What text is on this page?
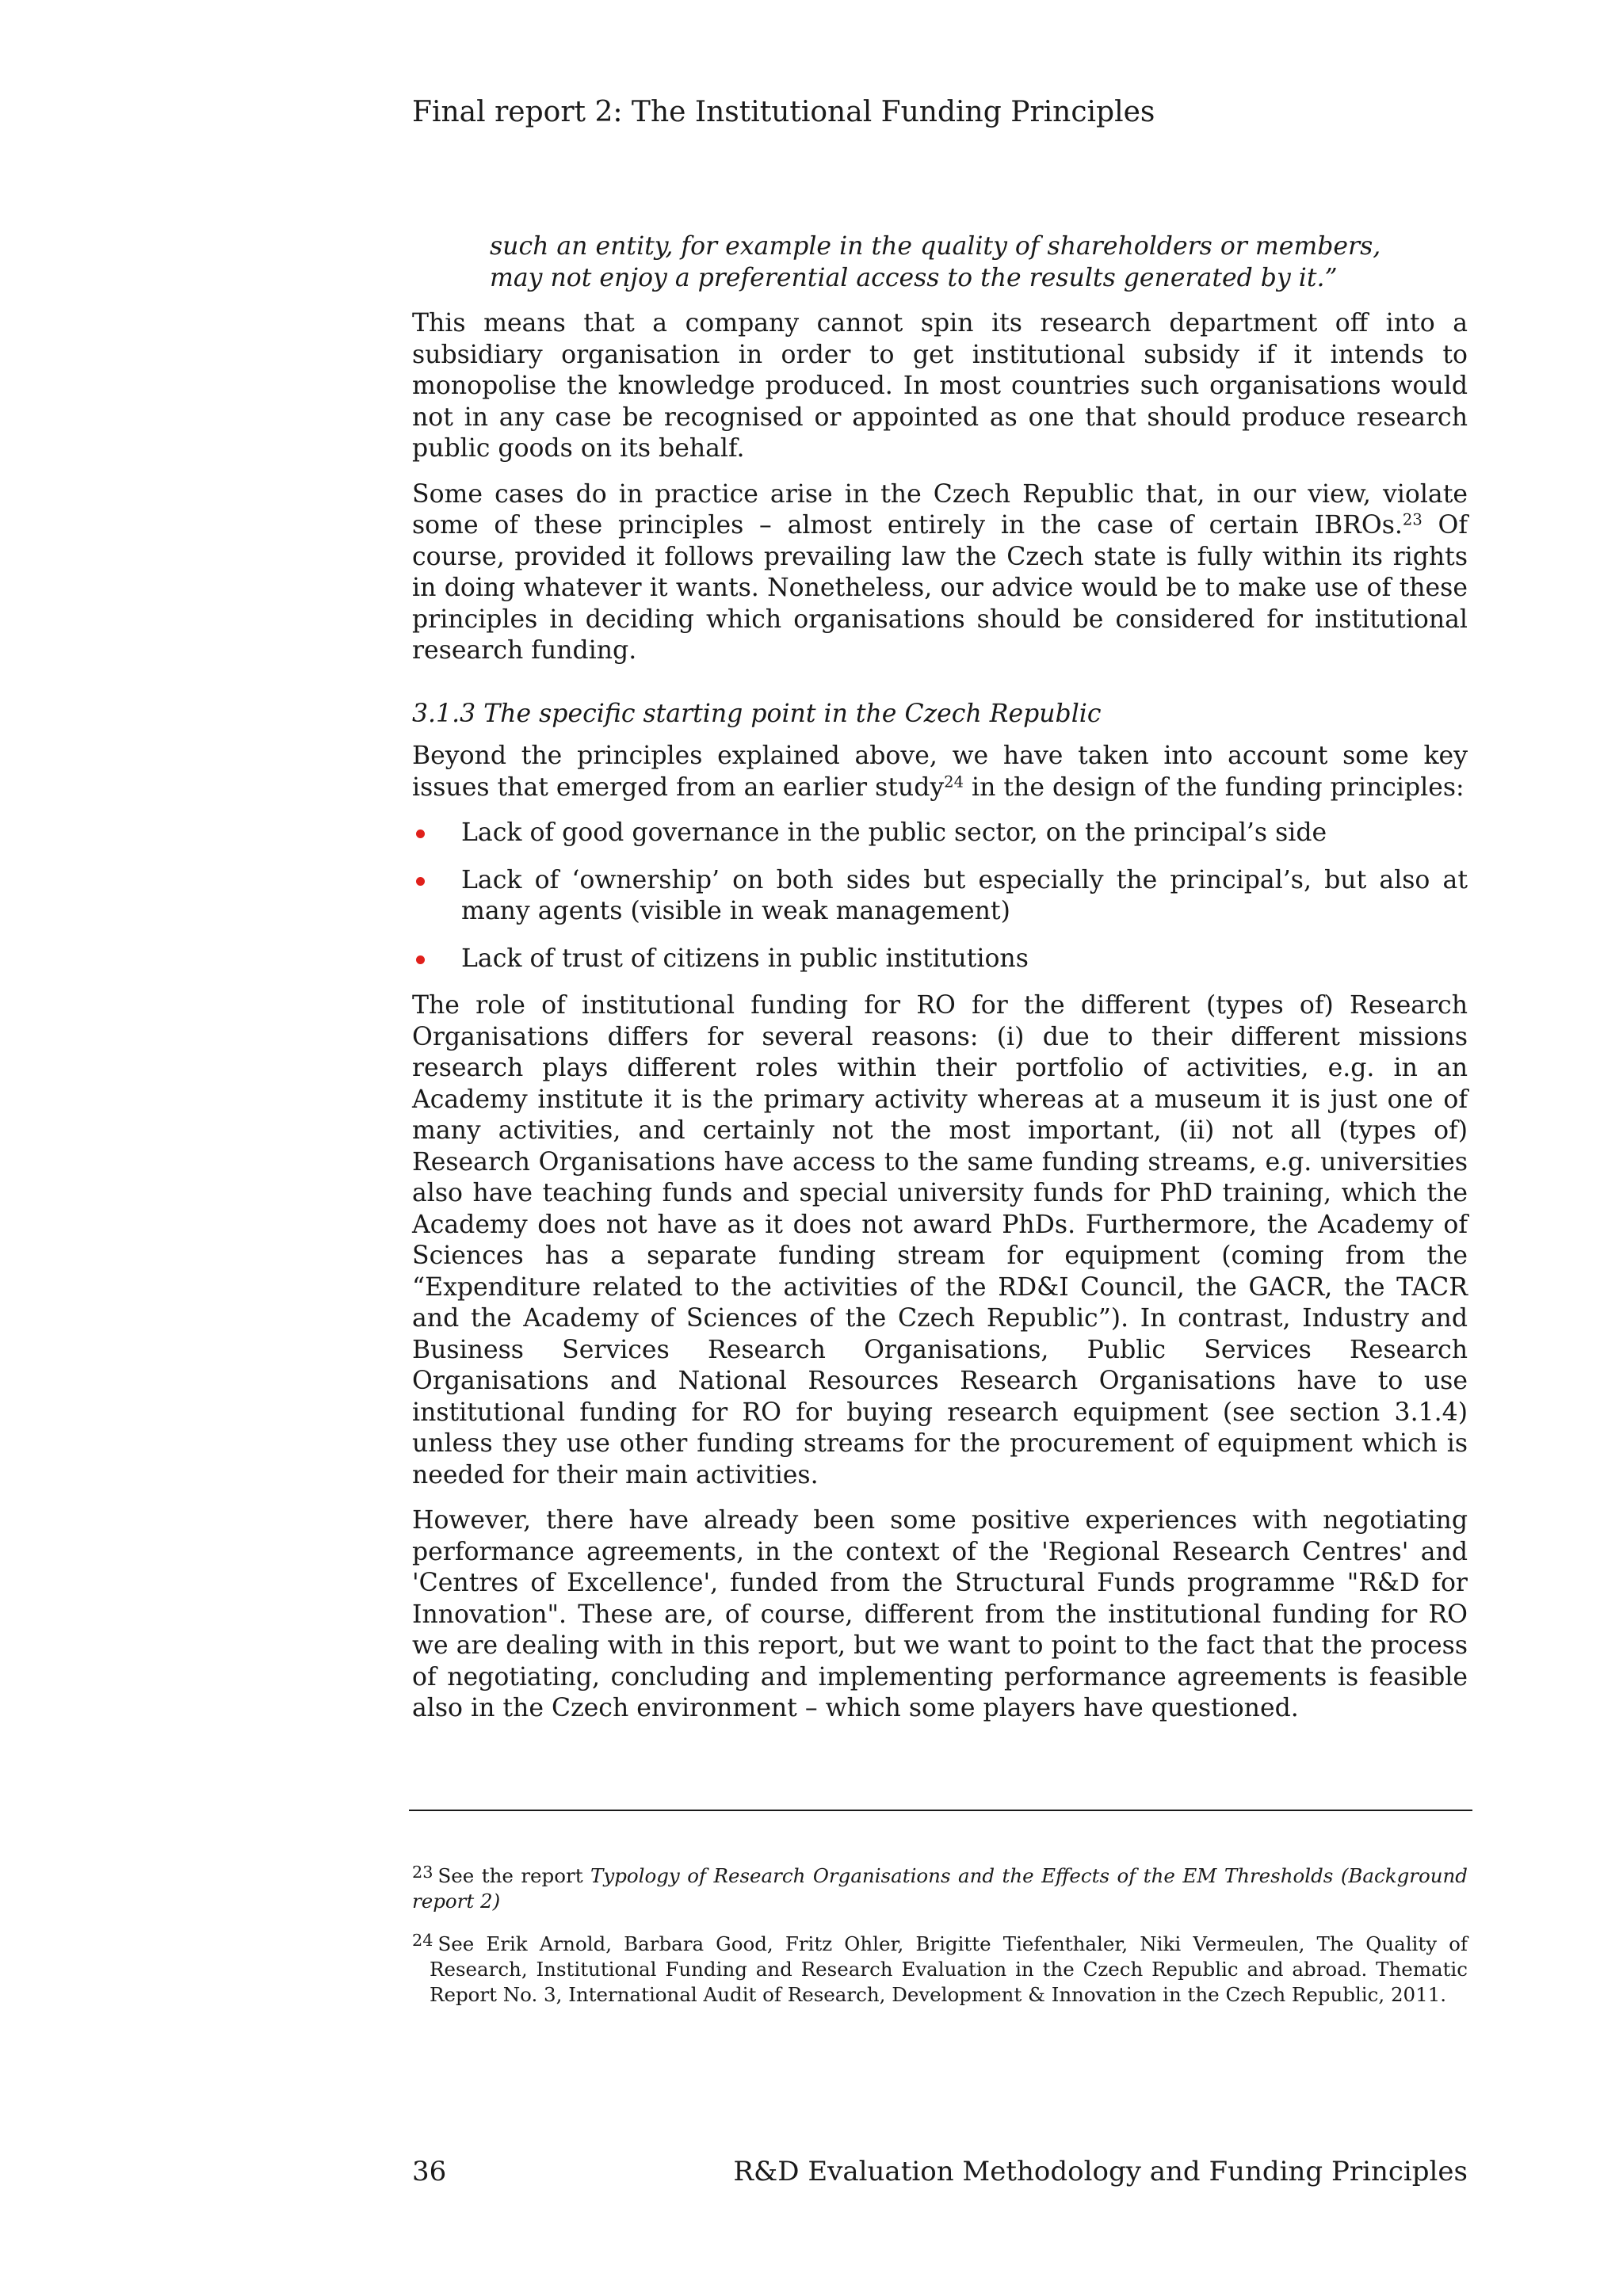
Final report 2: The Institutional Funding Principles
such an entity, for example in the quality of shareholders or members,
may not enjoy a preferential access to the results generated by it.”

This means that a company cannot spin its research department off into a subsidiary organisation in order to get institutional subsidy if it intends to monopolise the knowledge produced. In most countries such organisations would not in any case be recognised or appointed as one that should produce research public goods on its behalf.

Some cases do in practice arise in the Czech Republic that, in our view, violate some of these principles – almost entirely in the case of certain IBROs.$^{23}$ Of course, provided it follows prevailing law the Czech state is fully within its rights in doing whatever it wants. Nonetheless, our advice would be to make use of these principles in deciding which organisations should be considered for institutional research funding.

3.1.3 The specific starting point in the Czech Republic

Beyond the principles explained above, we have taken into account some key issues that emerged from an earlier study$^{24}$ in the design of the funding principles:

Lack of good governance in the public sector, on the principal’s side
Lack of ‘ownership’ on both sides but especially the principal’s, but also at many agents (visible in weak management)
Lack of trust of citizens in public institutions

The role of institutional funding for RO for the different (types of) Research Organisations differs for several reasons: (i) due to their different missions research plays different roles within their portfolio of activities, e.g. in an Academy institute it is the primary activity whereas at a museum it is just one of many activities, and certainly not the most important, (ii) not all (types of) Research Organisations have access to the same funding streams, e.g. universities also have teaching funds and special university funds for PhD training, which the Academy does not have as it does not award PhDs. Furthermore, the Academy of Sciences has a separate funding stream for equipment (coming from the “Expenditure related to the activities of the RD&I Council, the GACR, the TACR and the Academy of Sciences of the Czech Republic”). In contrast, Industry and Business Services Research Organisations, Public Services Research Organisations and National Resources Research Organisations have to use institutional funding for RO for buying research equipment (see section 3.1.4) unless they use other funding streams for the procurement of equipment which is needed for their main activities.

However, there have already been some positive experiences with negotiating performance agreements, in the context of the 'Regional Research Centres' and 'Centres of Excellence', funded from the Structural Funds programme "R&D for Innovation". These are, of course, different from the institutional funding for RO we are dealing with in this report, but we want to point to the fact that the process of negotiating, concluding and implementing performance agreements is feasible also in the Czech environment – which some players have questioned.

$^{23}$ See the report Typology of Research Organisations and the Effects of the EM Thresholds (Background report 2)
$^{24}$ See Erik Arnold, Barbara Good, Fritz Ohler, Brigitte Tiefenthaler, Niki Vermeulen, The Quality of Research, Institutional Funding and Research Evaluation in the Czech Republic and abroad. Thematic Report No. 3, International Audit of Research, Development & Innovation in the Czech Republic, 2011.
36	R&D Evaluation Methodology and Funding Principles
